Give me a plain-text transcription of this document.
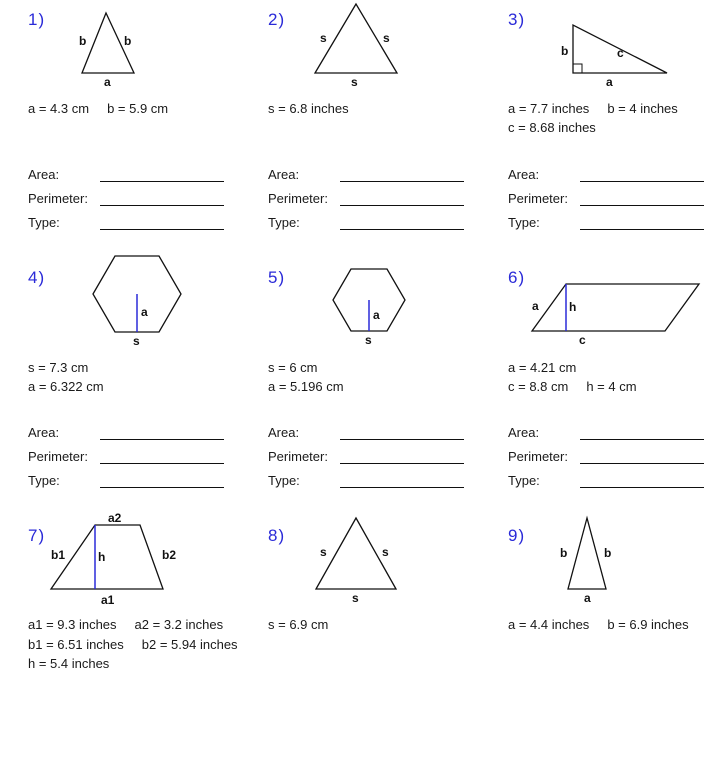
1)
b	b
a
a = 4.3 cm b = 5.9 cm
2)
s	s
s
s = 6.8 inches
3)
b	c
a
a = 7.7 inches b = 4 inches
c = 8.68 inches
4)
a
s
s = 7.3 cm
a = 6.322 cm
5)
a
s
s = 6 cm
a = 5.196 cm
6)
a	h
c
a = 4.21 cm
c = 8.8 cm h = 4 cm
7)
a2
b1	h	b2
a1
a1 = 9.3 inches a2 = 3.2 inches
b1 = 6.51 inches b2 = 5.94 inches
h = 5.4 inches
8)
s	s
s
s = 6.9 cm
9)
b	b
a
a = 4.4 inches b = 6.9 inches
Area:
Perimeter:
Type:
Area:
Perimeter:
Type:
Area:
Perimeter:
Type:
Area:
Perimeter:
Type:
Area:
Perimeter:
Type:
Area:
Perimeter:
Type:
